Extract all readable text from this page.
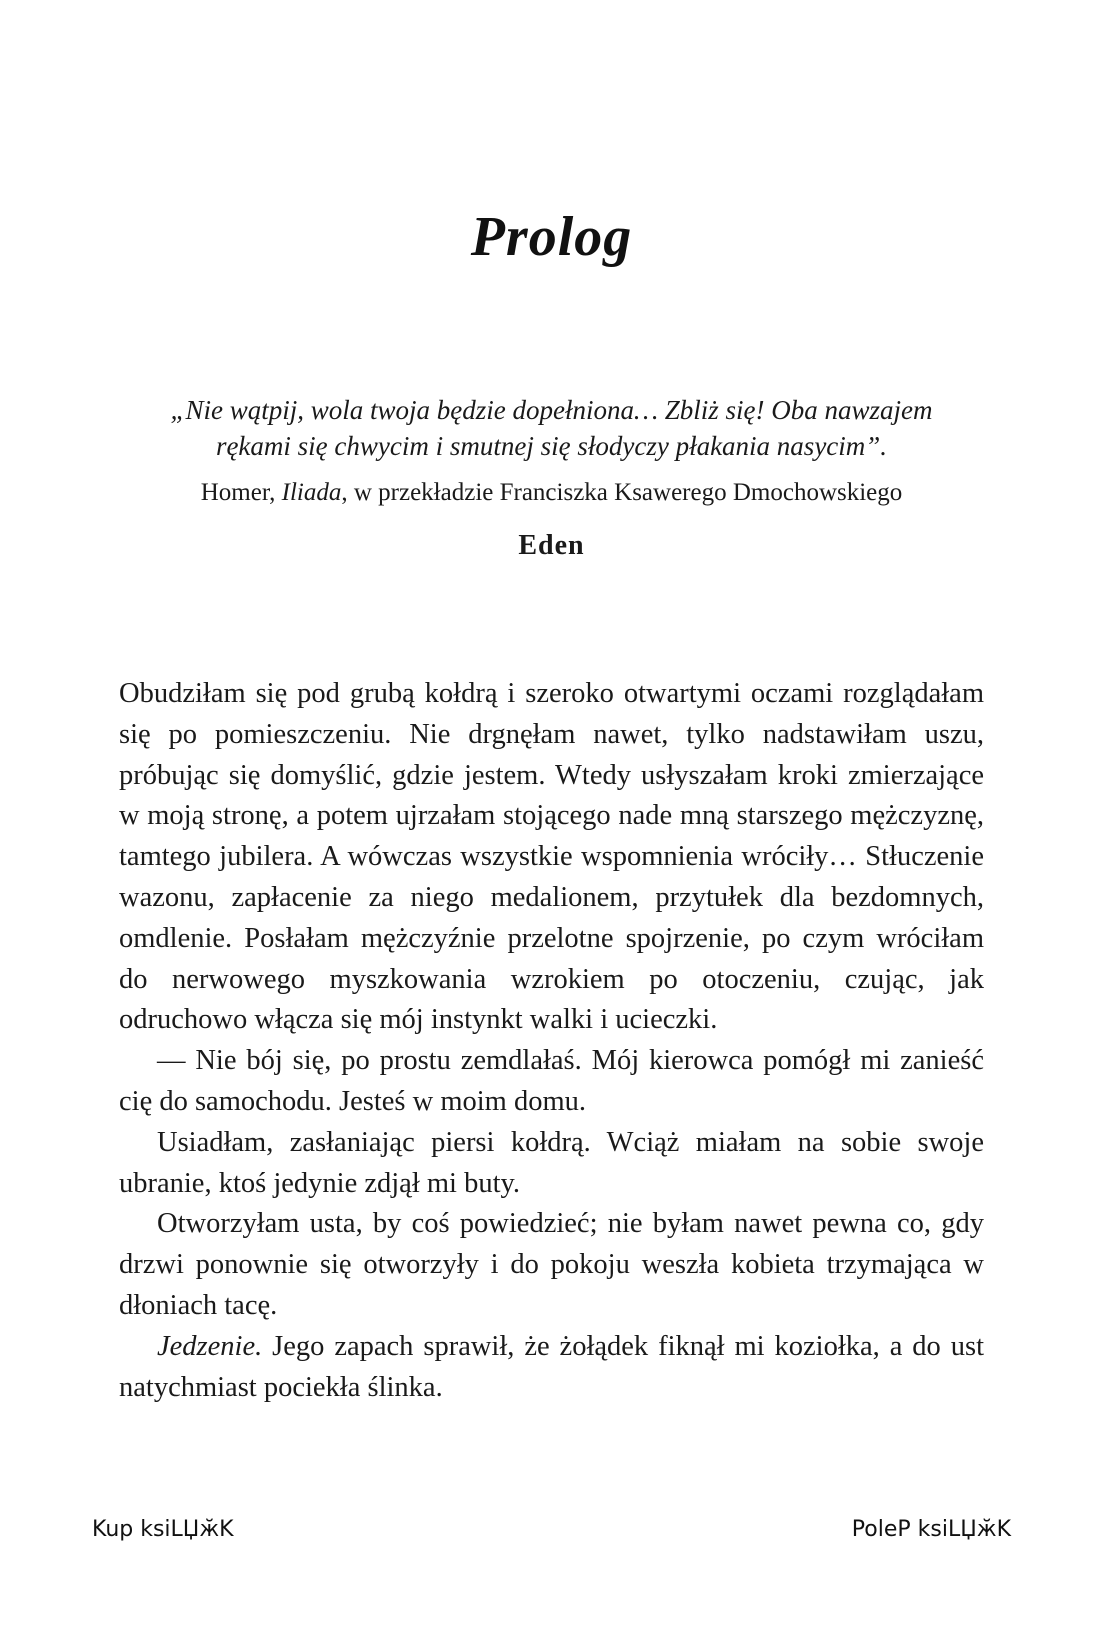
Prolog

„Nie wątpij, wola twoja będzie dopełniona… Zbliż się! Oba nawzajem
rękami się chwycim i smutnej się słodyczy płakania nasycim”.

Homer, Iliada, w przekładzie Franciszka Ksawerego Dmochowskiego

Eden

Obudziłam się pod grubą kołdrą i szeroko otwartymi oczami rozglądałam się po pomieszczeniu. Nie drgnęłam nawet, tylko nadstawiłam uszu, próbując się domyślić, gdzie jestem. Wtedy usłyszałam kroki zmierzające w moją stronę, a potem ujrzałam stojącego nade mną starszego mężczyznę, tamtego jubilera. A wówczas wszystkie wspomnienia wróciły… Stłuczenie wazonu, zapłacenie za niego medalionem, przytułek dla bezdomnych, omdlenie. Posłałam mężczyźnie przelotne spojrzenie, po czym wróciłam do nerwowego myszkowania wzrokiem po otoczeniu, czując, jak odruchowo włącza się mój instynkt walki i ucieczki.

— Nie bój się, po prostu zemdlałaś. Mój kierowca pomógł mi zanieść cię do samochodu. Jesteś w moim domu.

Usiadłam, zasłaniając piersi kołdrą. Wciąż miałam na sobie swoje ubranie, ktoś jedynie zdjął mi buty.

Otworzyłam usta, by coś powiedzieć; nie byłam nawet pewna co, gdy drzwi ponownie się otworzyły i do pokoju weszła kobieta trzymająca w dłoniach tacę.

Jedzenie. Jego zapach sprawił, że żołądek fiknął mi koziołka, a do ust natychmiast pociekła ślinka.

Kup ksiLЏӂK	PoleP ksiLЏӂK
